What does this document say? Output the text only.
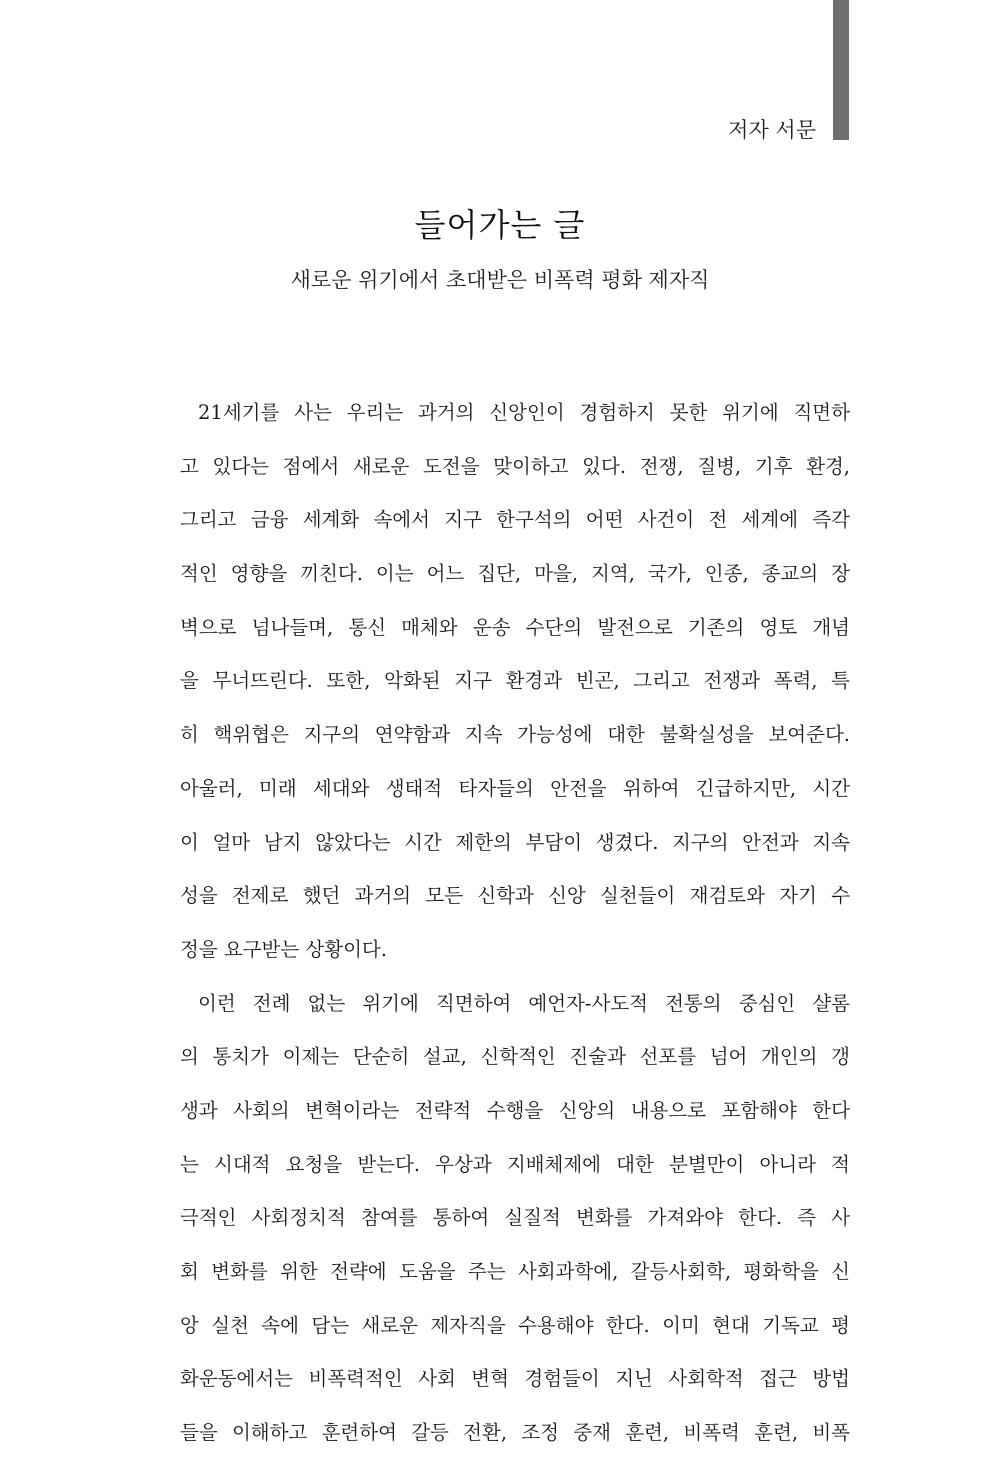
저자 서문
들어가는 글
새로운 위기에서 초대받은 비폭력 평화 제자직
21세기를 사는 우리는 과거의 신앙인이 경험하지 못한 위기에 직면하
고 있다는 점에서 새로운 도전을 맞이하고 있다. 전쟁, 질병, 기후 환경,
그리고 금융 세계화 속에서 지구 한구석의 어떤 사건이 전 세계에 즉각
적인 영향을 끼친다. 이는 어느 집단, 마을, 지역, 국가, 인종, 종교의 장
벽으로 넘나들며, 통신 매체와 운송 수단의 발전으로 기존의 영토 개념
을 무너뜨린다. 또한, 악화된 지구 환경과 빈곤, 그리고 전쟁과 폭력, 특
히 핵위협은 지구의 연약함과 지속 가능성에 대한 불확실성을 보여준다.
아울러, 미래 세대와 생태적 타자들의 안전을 위하여 긴급하지만, 시간
이 얼마 남지 않았다는 시간 제한의 부담이 생겼다. 지구의 안전과 지속
성을 전제로 했던 과거의 모든 신학과 신앙 실천들이 재검토와 자기 수
정을 요구받는 상황이다.
이런 전례 없는 위기에 직면하여 예언자-사도적 전통의 중심인 샬롬
의 통치가 이제는 단순히 설교, 신학적인 진술과 선포를 넘어 개인의 갱
생과 사회의 변혁이라는 전략적 수행을 신앙의 내용으로 포함해야 한다
는 시대적 요청을 받는다. 우상과 지배체제에 대한 분별만이 아니라 적
극적인 사회정치적 참여를 통하여 실질적 변화를 가져와야 한다. 즉 사
회 변화를 위한 전략에 도움을 주는 사회과학에, 갈등사회학, 평화학을 신
앙 실천 속에 담는 새로운 제자직을 수용해야 한다. 이미 현대 기독교 평
화운동에서는 비폭력적인 사회 변혁 경험들이 지닌 사회학적 접근 방법
들을 이해하고 훈련하여 갈등 전환, 조정 중재 훈련, 비폭력 훈련, 비폭
